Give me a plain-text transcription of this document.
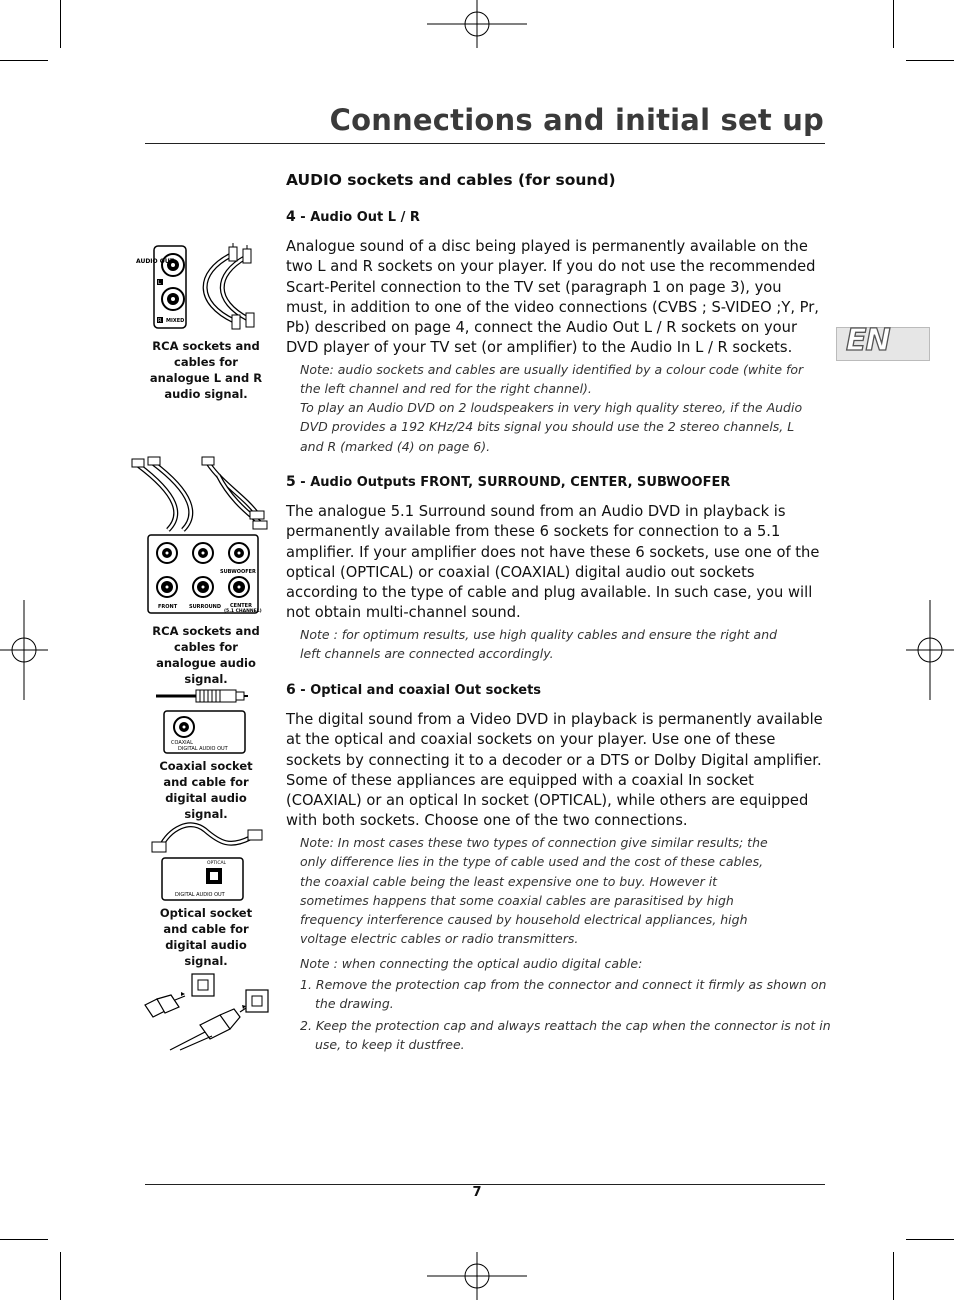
Connections and initial set up
EN
AUDIO sockets and cables (for sound)
4 - Audio Out L / R

Analogue sound of a disc being played is permanently available on the two L and R sockets on your player. If you do not use the recommended Scart-Peritel connection to the TV set (paragraph 1 on page 3), you must, in addition to one of the video connections (CVBS ; S-VIDEO ;Y, Pr, Pb) described on page 4, connect the Audio Out L / R sockets on your DVD player of your TV set (or amplifier) to the Audio In L / R sockets.

Note: audio sockets and cables are usually identified by a colour code (white for the left channel and red for the right channel).

To play an Audio DVD on 2 loudspeakers in very high quality stereo, if the Audio DVD provides a 192 KHz/24 bits signal you should use the 2 stereo channels, L and R (marked (4) on page 6).

5 - Audio Outputs FRONT, SURROUND, CENTER, SUBWOOFER

The analogue 5.1 Surround sound from an Audio DVD in playback is permanently available from these 6 sockets for connection to a 5.1 amplifier. If your amplifier does not have these 6 sockets, use one of the optical (OPTICAL) or coaxial (COAXIAL) digital audio out sockets according to the type of cable and plug available. In such case, you will not obtain multi-channel sound.

Note : for optimum results, use high quality cables and ensure the right and left channels are connected accordingly.

6 - Optical and coaxial Out sockets

The digital sound from a Video DVD in playback is permanently available at the optical and coaxial sockets on your player. Use one of these sockets by connecting it to a decoder or a DTS or Dolby Digital amplifier. Some of these appliances are equipped with a coaxial In socket (COAXIAL) or an optical In socket (OPTICAL), while others are equipped with both sockets. Choose one of the two connections.

Note: In most cases these two types of connection give similar results; the only difference lies in the type of cable used and the cost of these cables, the coaxial cable being the least expensive one to buy. However it sometimes happens that some coaxial cables are parasitised by high frequency interference caused by household electrical appliances, high voltage electric cables or radio transmitters.

Note : when connecting the optical audio digital cable:

1. Remove the protection cap from the connector and connect it firmly as shown on the drawing.

2. Keep the protection cap and always reattach the cap when the connector is not in use, to keep it dustfree.

AUDIO OUT
L
R MIXED

RCA sockets and cables for analogue L and R audio signal.

SUBWOOFER
FRONT SURROUND CENTER
(5.1 CHANNEL)

RCA sockets and cables for analogue audio signal.

COAXIAL
DIGITAL AUDIO OUT

Coaxial socket and cable for digital audio signal.

OPTICAL
DIGITAL AUDIO OUT

Optical socket and cable for digital audio signal.

7
